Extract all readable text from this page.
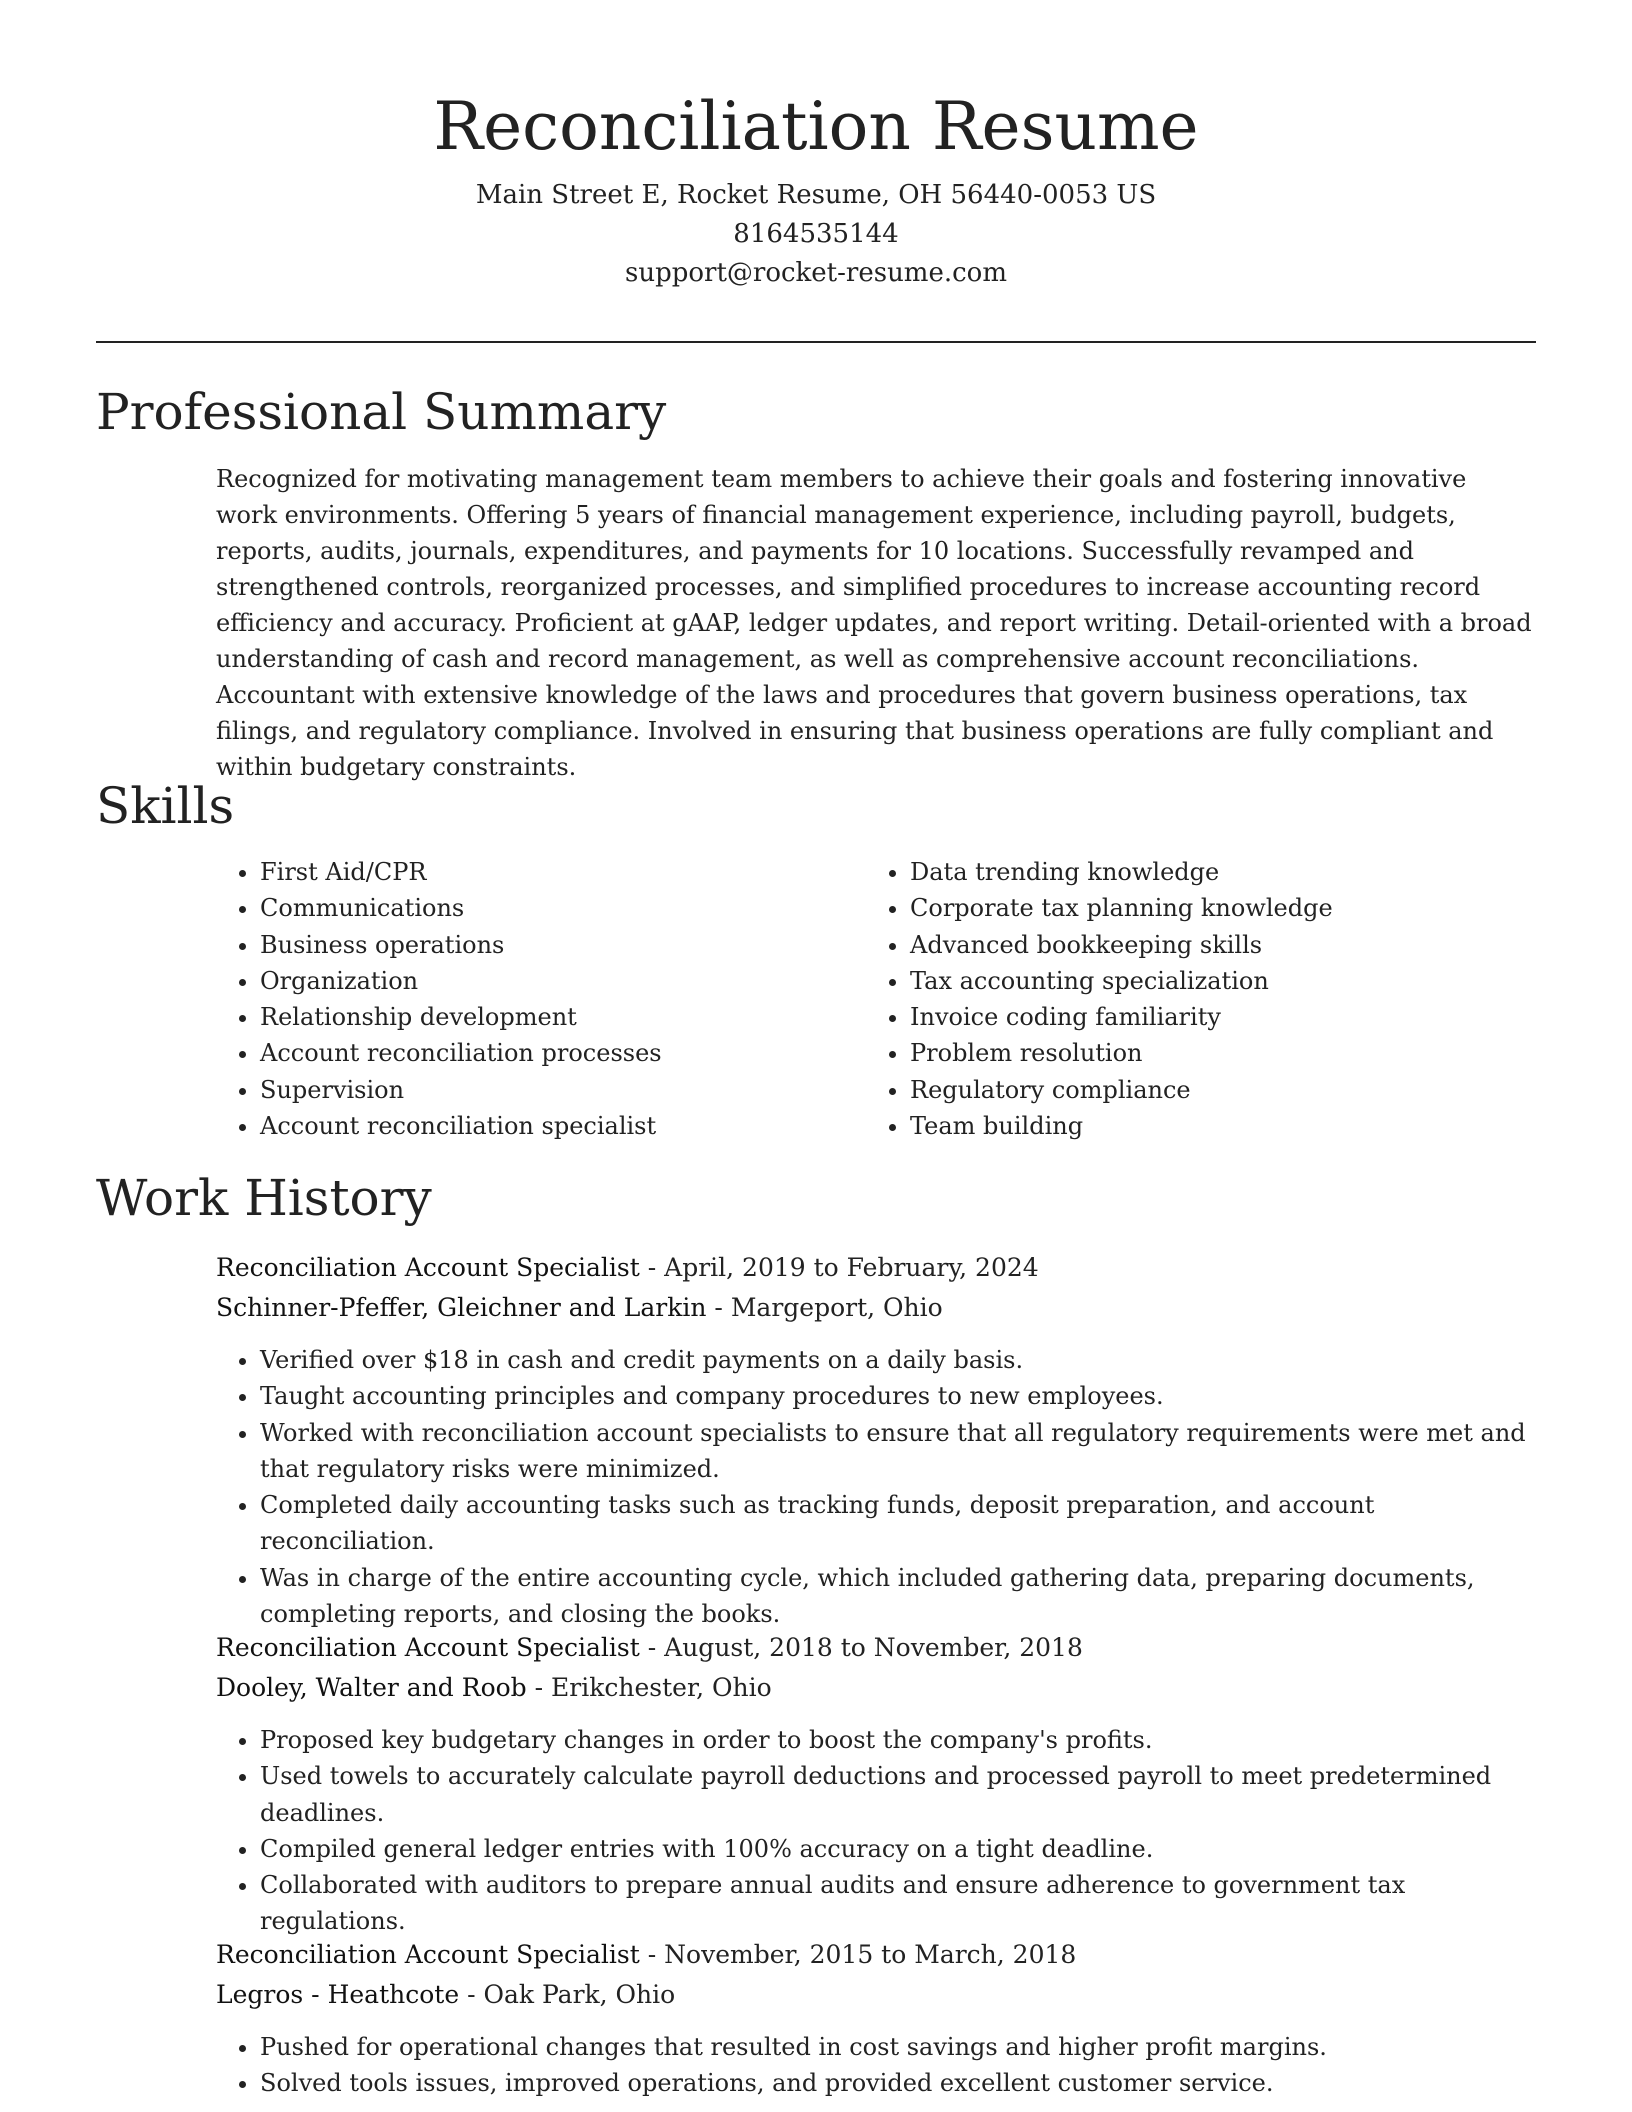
Reconciliation Resume

Main Street E, Rocket Resume, OH 56440-0053 US

8164535144

support@rocket-resume.com

Professional Summary

Recognized for motivating management team members to achieve their goals and fostering innovative work environments. Offering 5 years of financial management experience, including payroll, budgets, reports, audits, journals, expenditures, and payments for 10 locations. Successfully revamped and strengthened controls, reorganized processes, and simplified procedures to increase accounting record efficiency and accuracy. Proficient at gAAP, ledger updates, and report writing. Detail-oriented with a broad understanding of cash and record management, as well as comprehensive account reconciliations. Accountant with extensive knowledge of the laws and procedures that govern business operations, tax filings, and regulatory compliance. Involved in ensuring that business operations are fully compliant and within budgetary constraints.

Skills
• First Aid/CPR
• Communications
• Business operations
• Organization
• Relationship development
• Account reconciliation processes
• Supervision
• Account reconciliation specialist
• Data trending knowledge
• Corporate tax planning knowledge
• Advanced bookkeeping skills
• Tax accounting specialization
• Invoice coding familiarity
• Problem resolution
• Regulatory compliance
• Team building
Work History

Reconciliation Account Specialist - April, 2019 to February, 2024

Schinner-Pfeffer, Gleichner and Larkin - Margeport, Ohio

• Verified over $18 in cash and credit payments on a daily basis.
• Taught accounting principles and company procedures to new employees.
• Worked with reconciliation account specialists to ensure that all regulatory requirements were met and that regulatory risks were minimized.
• Completed daily accounting tasks such as tracking funds, deposit preparation, and account reconciliation.
• Was in charge of the entire accounting cycle, which included gathering data, preparing documents, completing reports, and closing the books.

Reconciliation Account Specialist - August, 2018 to November, 2018

Dooley, Walter and Roob - Erikchester, Ohio

• Proposed key budgetary changes in order to boost the company's profits.
• Used towels to accurately calculate payroll deductions and processed payroll to meet predetermined deadlines.
• Compiled general ledger entries with 100% accuracy on a tight deadline.
• Collaborated with auditors to prepare annual audits and ensure adherence to government tax regulations.

Reconciliation Account Specialist - November, 2015 to March, 2018

Legros - Heathcote - Oak Park, Ohio

• Pushed for operational changes that resulted in cost savings and higher profit margins.
• Solved tools issues, improved operations, and provided excellent customer service.
